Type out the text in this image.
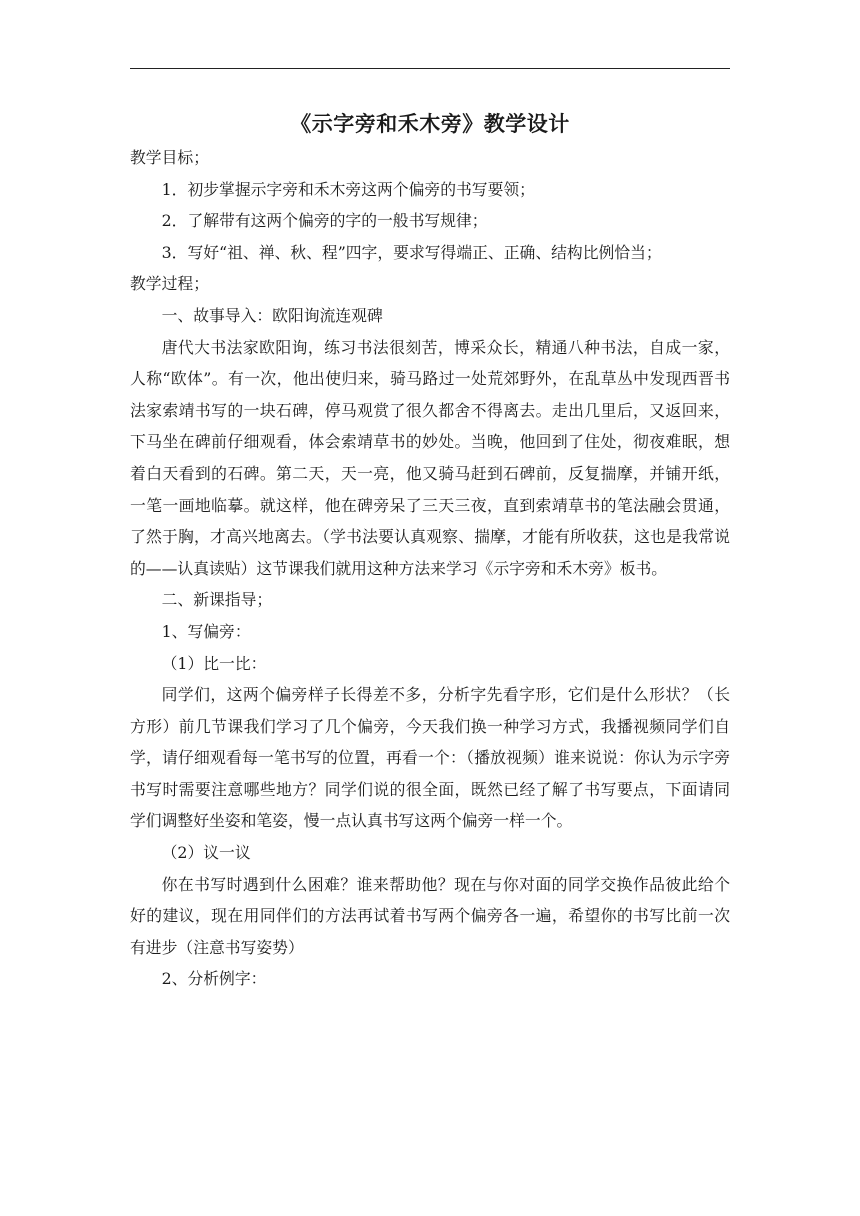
《示字旁和禾木旁》教学设计

教学目标；

1．初步掌握示字旁和禾木旁这两个偏旁的书写要领；

2．了解带有这两个偏旁的字的一般书写规律；

3．写好“祖、禅、秋、程”四字，要求写得端正、正确、结构比例恰当；

教学过程；

一、故事导入：欧阳询流连观碑

唐代大书法家欧阳询，练习书法很刻苦，博采众长，精通八种书法，自成一家，人称“欧体”。有一次，他出使归来，骑马路过一处荒郊野外，在乱草丛中发现西晋书法家索靖书写的一块石碑，停马观赏了很久都舍不得离去。走出几里后，又返回来，下马坐在碑前仔细观看，体会索靖草书的妙处。当晚，他回到了住处，彻夜难眠，想着白天看到的石碑。第二天，天一亮，他又骑马赶到石碑前，反复揣摩，并铺开纸，一笔一画地临摹。就这样，他在碑旁呆了三天三夜，直到索靖草书的笔法融会贯通，了然于胸，才高兴地离去。（学书法要认真观察、揣摩，才能有所收获，这也是我常说的——认真读贴）这节课我们就用这种方法来学习《示字旁和禾木旁》板书。

二、新课指导；

1、写偏旁：

（1）比一比：

同学们，这两个偏旁样子长得差不多，分析字先看字形，它们是什么形状？（长方形）前几节课我们学习了几个偏旁，今天我们换一种学习方式，我播视频同学们自学，请仔细观看每一笔书写的位置，再看一个：（播放视频）谁来说说：你认为示字旁书写时需要注意哪些地方？同学们说的很全面，既然已经了解了书写要点，下面请同学们调整好坐姿和笔姿，慢一点认真书写这两个偏旁一样一个。

（2）议一议

你在书写时遇到什么困难？谁来帮助他？现在与你对面的同学交换作品彼此给个好的建议，现在用同伴们的方法再试着书写两个偏旁各一遍，希望你的书写比前一次有进步（注意书写姿势）

2、分析例字：
